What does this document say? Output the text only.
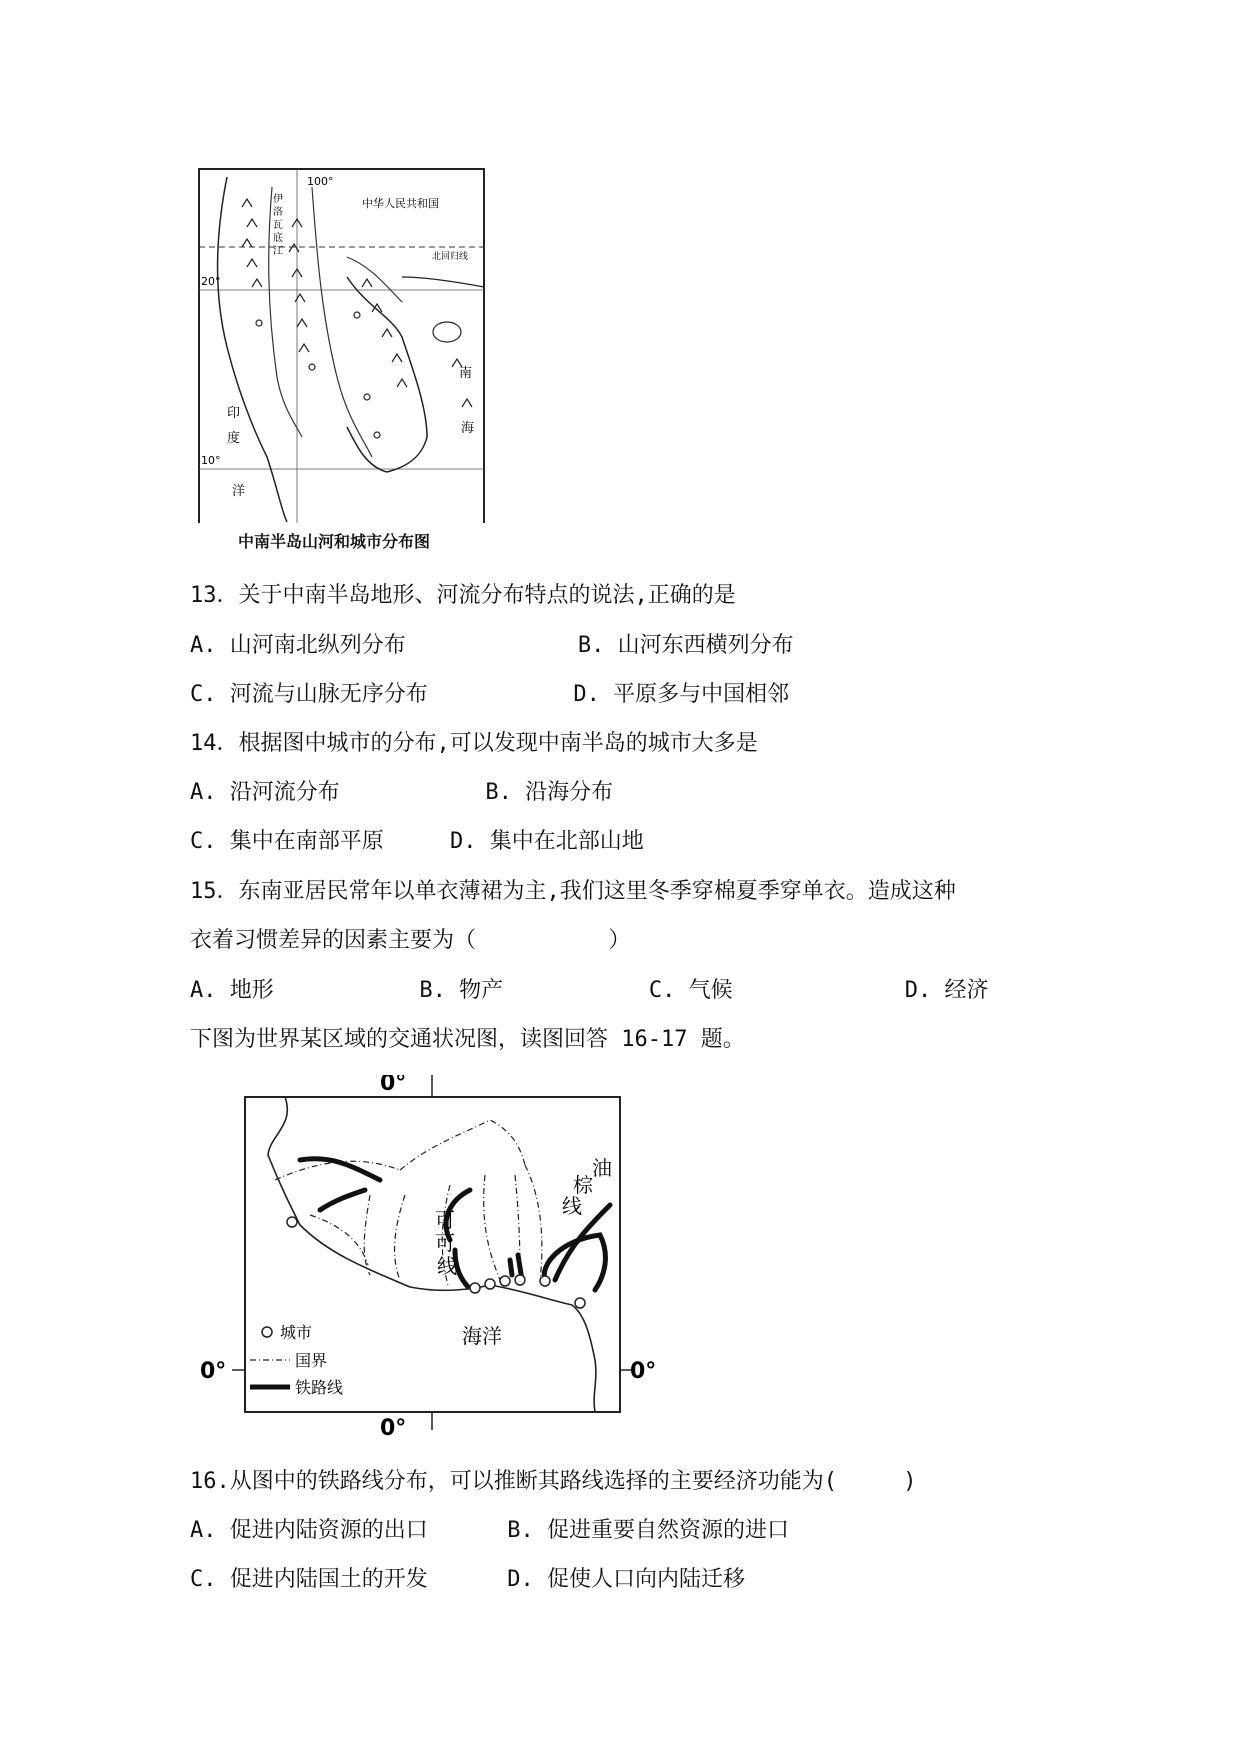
100°
20°
10°
中华人民共和国
北回归线
伊
洛
瓦
底
江
印
度
洋
南
海
中南半岛山河和城市分布图
13．关于中南半岛地形、河流分布特点的说法,正确的是
A. 山河南北纵列分布             B. 山河东西横列分布
C. 河流与山脉无序分布           D. 平原多与中国相邻
14．根据图中城市的分布,可以发现中南半岛的城市大多是
A. 沿河流分布           B. 沿海分布
C. 集中在南部平原     D. 集中在北部山地
15．东南亚居民常年以单衣薄裙为主,我们这里冬季穿棉夏季穿单衣。造成这种
衣着习惯差异的因素主要为（          ）
A. 地形           B. 物产           C. 气候             D. 经济
下图为世界某区域的交通状况图，读图回答 16-17 题。
0°
0°
0°	0°
可
可
线
油
棕
线
海洋
城市
国界
铁路线
16.从图中的铁路线分布，可以推断其路线选择的主要经济功能为(     )
A. 促进内陆资源的出口      B. 促进重要自然资源的进口
C. 促进内陆国土的开发      D. 促使人口向内陆迁移
